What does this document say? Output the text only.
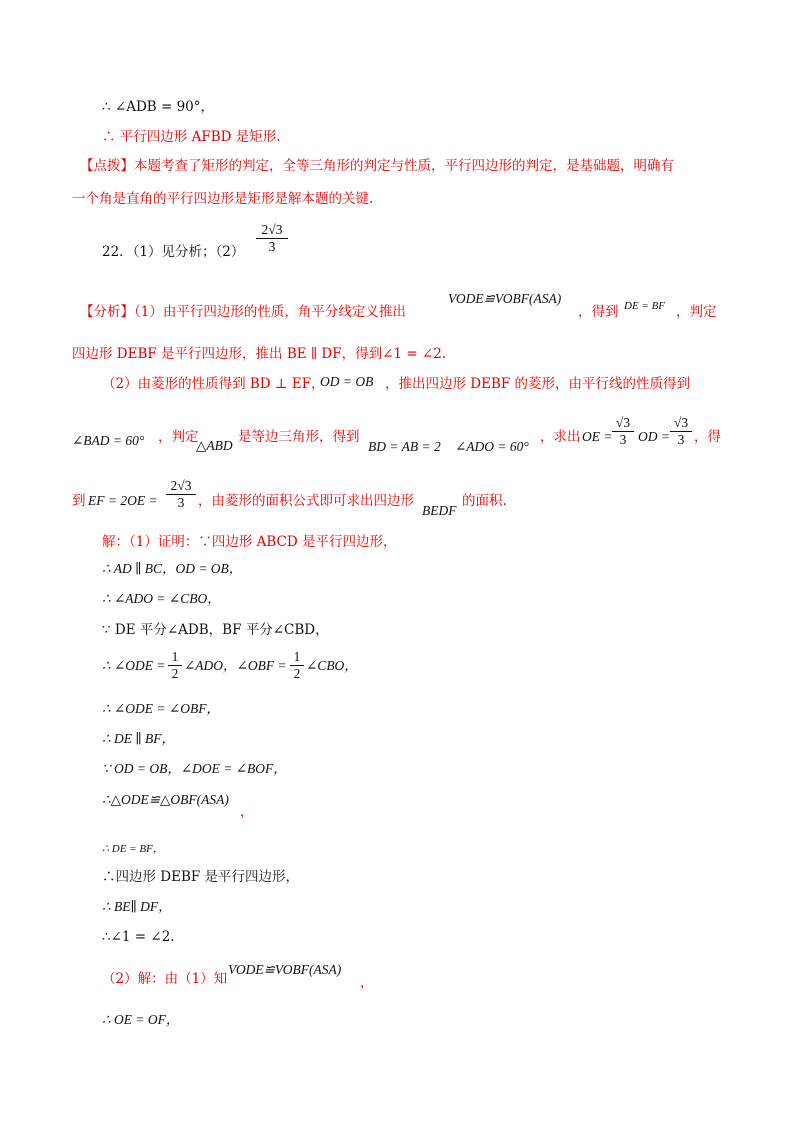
∴ ∠ADB = 90°，
∴ 平行四边形 AFBD 是矩形.
【点拨】本题考查了矩形的判定，全等三角形的判定与性质，平行四边形的判定，是基础题，明确有
一个角是直角的平行四边形是矩形是解本题的关键.
22．（1）见分析；（2）
2√3
3
【分析】（1）由平行四边形的性质，角平分线定义推出
VODE≌VOBF(ASA)
，得到 DE = BF ，判定
四边形 DEBF 是平行四边形，推出 BE ∥ DF，得到∠1 = ∠2.
（2）由菱形的性质得到 BD ⊥ EF，
OD = OB ，推出四边形 DEBF 的菱形，由平行线的性质得到
∠BAD = 60° ，判定
△ABD
是等边三角形，得到
BD = AB = 2 ∠ADO = 60°
，求出 OE =
√3
3 OD =
√3
3 ，得
到 EF = 2OE =
2√3
3	，由菱形的面积公式即可求出四边形
BEDF
的面积.
解：（1）证明：∵四边形 ABCD 是平行四边形，
∴ AD ∥ BC，OD = OB，
∴ ∠ADO = ∠CBO，
∵ DE 平分∠ADB，BF 平分∠CBD，
∴ ∠ODE =
1
2
∠ADO，∠OBF =
1
2
∠CBO，
∴ ∠ODE = ∠OBF，
∴ DE ∥ BF，
∵ OD = OB，∠DOE = ∠BOF，
∴△ODE≌△OBF(ASA)
，
∴ DE = BF，
∴四边形 DEBF 是平行四边形，
∴ BE∥ DF，
∴∠1 = ∠2.
（2）解：由（1）知
VODE≌VOBF(ASA)
，
∴ OE = OF，
